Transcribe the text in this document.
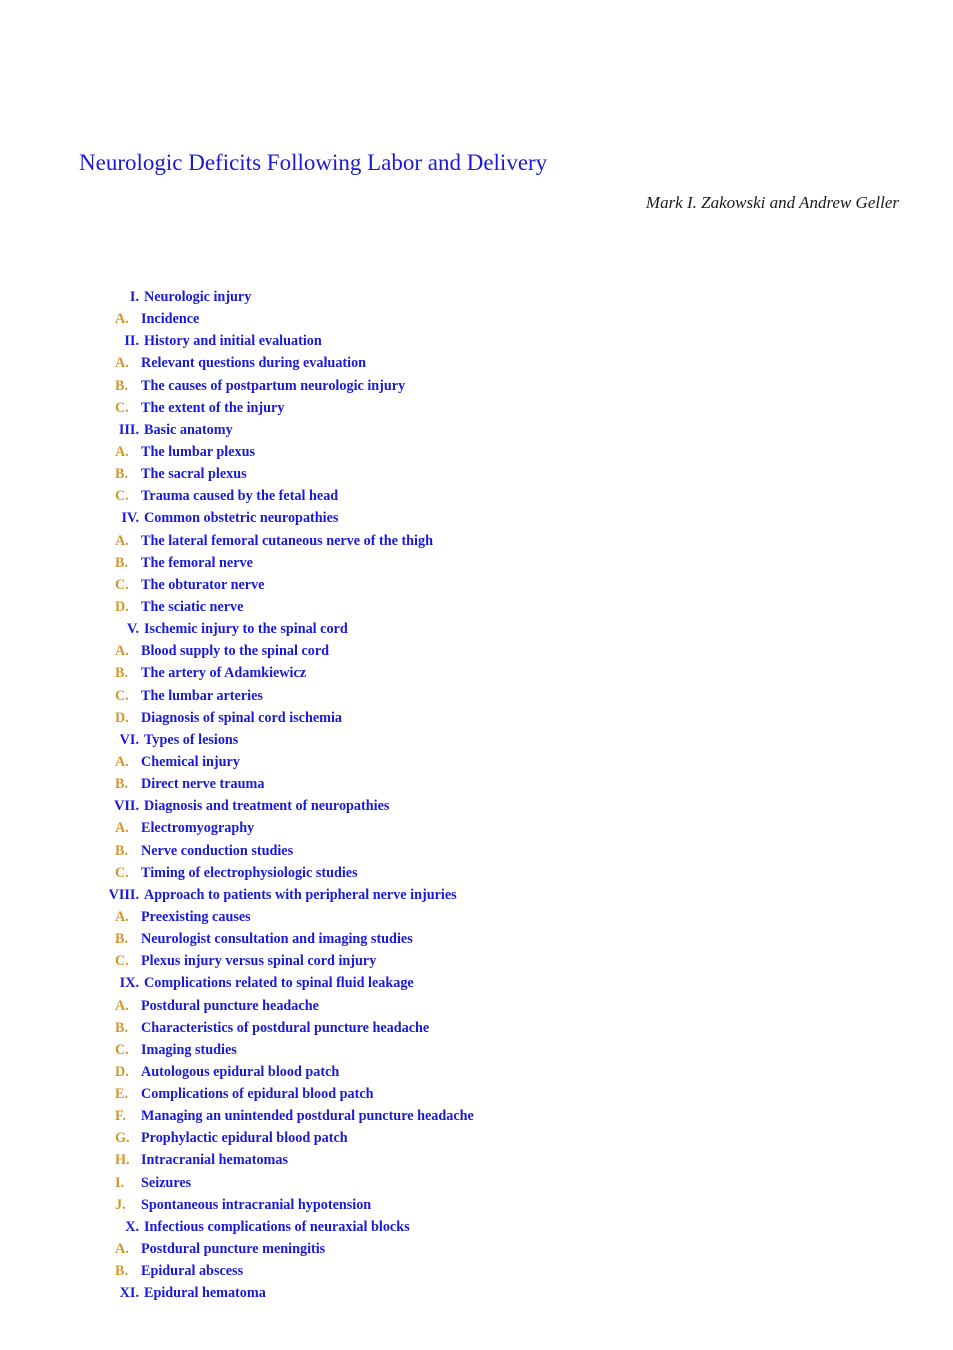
Neurologic Deficits Following Labor and Delivery
Mark I. Zakowski and Andrew Geller
I. Neurologic injury
A. Incidence
II. History and initial evaluation
A. Relevant questions during evaluation
B. The causes of postpartum neurologic injury
C. The extent of the injury
III. Basic anatomy
A. The lumbar plexus
B. The sacral plexus
C. Trauma caused by the fetal head
IV. Common obstetric neuropathies
A. The lateral femoral cutaneous nerve of the thigh
B. The femoral nerve
C. The obturator nerve
D. The sciatic nerve
V. Ischemic injury to the spinal cord
A. Blood supply to the spinal cord
B. The artery of Adamkiewicz
C. The lumbar arteries
D. Diagnosis of spinal cord ischemia
VI. Types of lesions
A. Chemical injury
B. Direct nerve trauma
VII. Diagnosis and treatment of neuropathies
A. Electromyography
B. Nerve conduction studies
C. Timing of electrophysiologic studies
VIII. Approach to patients with peripheral nerve injuries
A. Preexisting causes
B. Neurologist consultation and imaging studies
C. Plexus injury versus spinal cord injury
IX. Complications related to spinal fluid leakage
A. Postdural puncture headache
B. Characteristics of postdural puncture headache
C. Imaging studies
D. Autologous epidural blood patch
E. Complications of epidural blood patch
F. Managing an unintended postdural puncture headache
G. Prophylactic epidural blood patch
H. Intracranial hematomas
I. Seizures
J. Spontaneous intracranial hypotension
X. Infectious complications of neuraxial blocks
A. Postdural puncture meningitis
B. Epidural abscess
XI. Epidural hematoma
